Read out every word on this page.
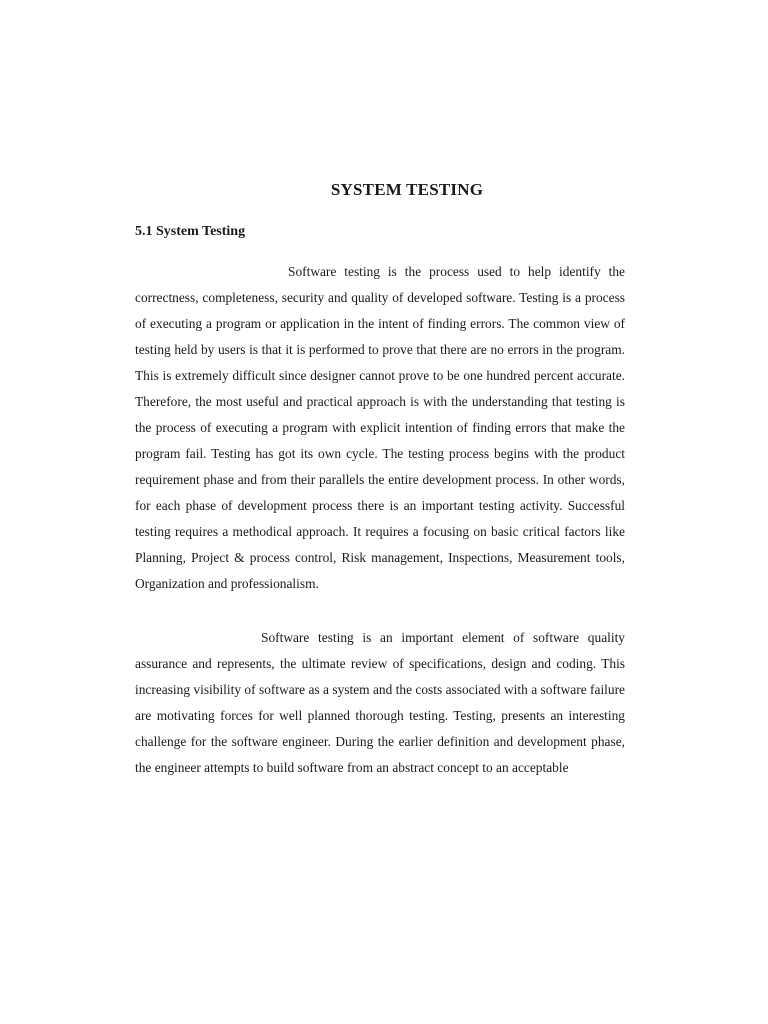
SYSTEM TESTING
5.1 System Testing

Software testing is the process used to help identify the correctness, completeness, security and quality of developed software. Testing is a process of executing a program or application in the intent of finding errors. The common view of testing held by users is that it is performed to prove that there are no errors in the program. This is extremely difficult since designer cannot prove to be one hundred percent accurate. Therefore, the most useful and practical approach is with the understanding that testing is the process of executing a program with explicit intention of finding errors that make the program fail. Testing has got its own cycle. The testing process begins with the product requirement phase and from their parallels the entire development process. In other words, for each phase of development process there is an important testing activity. Successful testing requires a methodical approach. It requires a focusing on basic critical factors like Planning, Project & process control, Risk management, Inspections, Measurement tools, Organization and professionalism.

Software testing is an important element of software quality assurance and represents, the ultimate review of specifications, design and coding. This increasing visibility of software as a system and the costs associated with a software failure are motivating forces for well planned thorough testing. Testing, presents an interesting challenge for the software engineer. During the earlier definition and development phase, the engineer attempts to build software from an abstract concept to an acceptable
